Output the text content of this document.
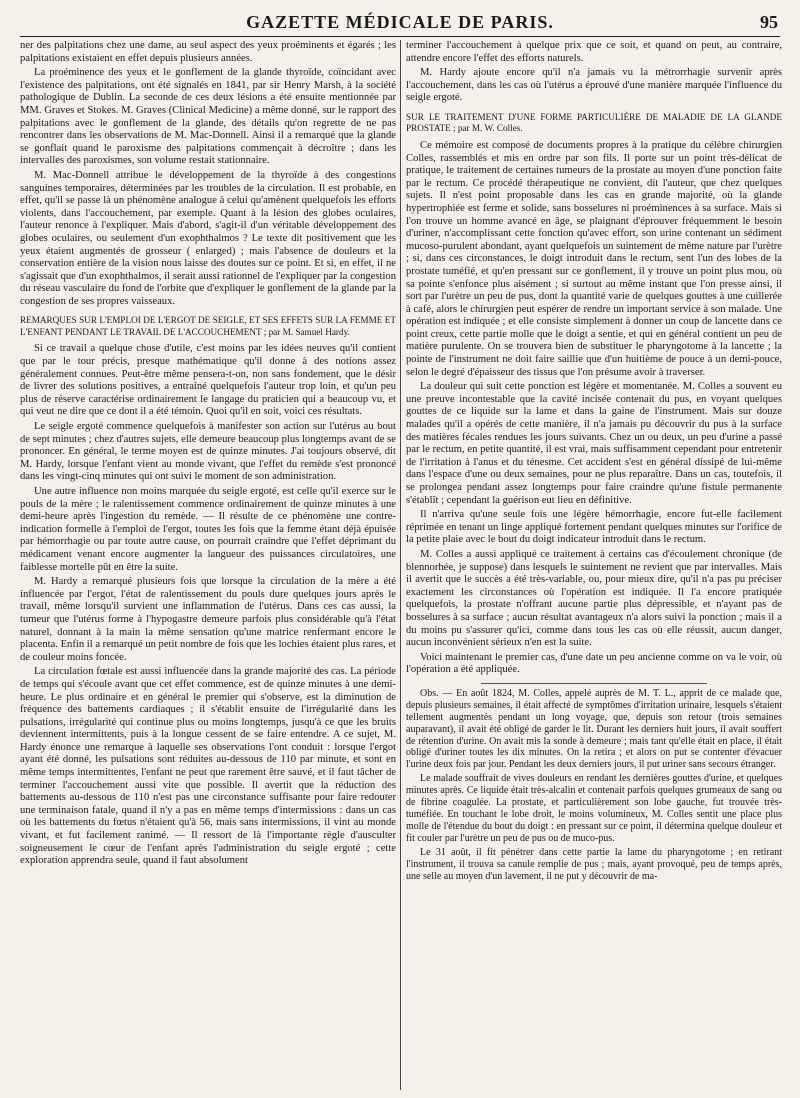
GAZETTE MÉDICALE DE PARIS.	95

ner des palpitations chez une dame, au seul aspect des yeux proéminents et égarés ; les palpitations existaient en effet depuis plusieurs années.

La proéminence des yeux et le gonflement de la glande thyroïde, coïncidant avec l'existence des palpitations, ont été signalés en 1841, par sir Henry Marsh, à la société pathologique de Dublin. La seconde de ces deux lésions a été ensuite mentionnée par MM. Graves et Stokes. M. Graves (Clinical Medicine) a même donné, sur le rapport des palpitations avec le gonflement de la glande, des détails qu'on regrette de ne pas rencontrer dans les observations de M. Mac-Donnell. Ainsi il a remarqué que la glande se gonflait quand le paroxisme des palpitations commençait à décroître ; dans les intervalles des paroxismes, son volume restait stationnaire.

M. Mac-Donnell attribue le développement de la thyroïde à des congestions sanguines temporaires, déterminées par les troubles de la circulation. Il est probable, en effet, qu'il se passe là un phénomène analogue à celui qu'amènent quelquefois les efforts violents, dans l'accouchement, par exemple. Quant à la lésion des globes oculaires, l'auteur renonce à l'expliquer. Mais d'abord, s'agit-il d'un véritable développement des globes oculaires, ou seulement d'un exophthalmos ? Le texte dit positivement que les yeux étaient augmentés de grosseur ( enlarged) ; mais l'absence de douleurs et la conservation entière de la vision nous laisse des doutes sur ce point. Et si, en effet, il ne s'agissait que d'un exophthalmos, il serait aussi rationnel de l'expliquer par la congestion du réseau vasculaire du fond de l'orbite que d'expliquer le gonflement de la glande par la congestion de ses propres vaisseaux.

REMARQUES SUR L'EMPLOI DE L'ERGOT DE SEIGLE, ET SES EFFETS SUR LA FEMME ET L'ENFANT PENDANT LE TRAVAIL DE L'ACCOUCHEMENT ; par M. Samuel Hardy.

Si ce travail a quelque chose d'utile, c'est moins par les idées neuves qu'il contient que par le tour précis, presque mathématique qu'il donne à des notions assez généralement connues. Peut-être même pensera-t-on, non sans fondement, que le désir de livrer des solutions positives, a entraîné quelquefois l'auteur trop loin, et qu'un peu plus de réserve caractérise ordinairement le langage du praticien qui a beaucoup vu, et qui veut ne dire que ce dont il a été témoin. Quoi qu'il en soit, voici ces résultats.

Le seigle ergoté commence quelquefois à manifester son action sur l'utérus au bout de sept minutes ; chez d'autres sujets, elle demeure beaucoup plus longtemps avant de se prononcer. En général, le terme moyen est de quinze minutes. J'ai toujours observé, dit M. Hardy, lorsque l'enfant vient au monde vivant, que l'effet du remède s'est prononcé dans les vingt-cinq minutes qui ont suivi le moment de son administration.

Une autre influence non moins marquée du seigle ergoté, est celle qu'il exerce sur le pouls de la mère ; le ralentissement commence ordinairement de quinze minutes à une demi-heure après l'ingestion du remède. — Il résulte de ce phénomène une contre-indication formelle à l'emploi de l'ergot, toutes les fois que la femme étant déjà épuisée par hémorrhagie ou par toute autre cause, on pourrait craindre que l'effet déprimant du médicament venant encore augmenter la langueur des puissances circulatoires, une faiblesse mortelle pût en être la suite.

M. Hardy a remarqué plusieurs fois que lorsque la circulation de la mère a été influencée par l'ergot, l'état de ralentissement du pouls dure quelques jours après le travail, même lorsqu'il survient une inflammation de l'utérus. Dans ces cas aussi, la tumeur que l'utérus forme à l'hypogastre demeure parfois plus considérable qu'à l'état naturel, donnant à la main la même sensation qu'une matrice renfermant encore le placenta. Enfin il a remarqué un petit nombre de fois que les lochies étaient plus rares, et de couleur moins foncée.

La circulation fœtale est aussi influencée dans la grande majorité des cas. La période de temps qui s'écoule avant que cet effet commence, est de quinze minutes à une demi-heure. Le plus ordinaire et en général le premier qui s'observe, est la diminution de fréquence des battements cardiaques ; il s'établit ensuite de l'irrégularité dans les pulsations, irrégularité qui continue plus ou moins longtemps, jusqu'à ce que les bruits deviennent intermittents, puis à la longue cessent de se faire entendre. A ce sujet, M. Hardy énonce une remarque à laquelle ses observations l'ont conduit : lorsque l'ergot ayant été donné, les pulsations sont réduites au-dessous de 110 par minute, et sont en même temps intermittentes, l'enfant ne peut que rarement être sauvé, et il faut tâcher de terminer l'accouchement aussi vite que possible. Il avertit que la réduction des battements au-dessous de 110 n'est pas une circonstance suffisante pour faire redouter une terminaison fatale, quand il n'y a pas en même temps d'intermissions : dans un cas où les battements du fœtus n'étaient qu'à 56, mais sans intermissions, il vint au monde vivant, et fut facilement ranimé. — Il ressort de là l'importante règle d'ausculter soigneusement le cœur de l'enfant après l'administration du seigle ergoté ; cette exploration apprendra seule, quand il faut absolument

terminer l'accouchement à quelque prix que ce soit, et quand on peut, au contraire, attendre encore l'effet des efforts naturels.

M. Hardy ajoute encore qu'il n'a jamais vu la métrorrhagie survenir après l'accouchement, dans les cas où l'utérus a éprouvé d'une manière marquée l'influence du seigle ergoté.

SUR LE TRAITEMENT D'UNE FORME PARTICULIÈRE DE MALADIE DE LA GLANDE PROSTATE ; par M. W. Colles.

Ce mémoire est composé de documents propres à la pratique du célèbre chirurgien Colles, rassemblés et mis en ordre par son fils. Il porte sur un point très-délicat de pratique, le traitement de certaines tumeurs de la prostate au moyen d'une ponction faite par le rectum. Ce procédé thérapeutique ne convient, dit l'auteur, que chez quelques sujets. Il n'est point proposable dans les cas en grande majorité, où la glande hypertrophiée est ferme et solide, sans bosselures ni proéminences à sa surface. Mais si l'on trouve un homme avancé en âge, se plaignant d'éprouver fréquemment le besoin d'uriner, n'accomplissant cette fonction qu'avec effort, son urine contenant un sédiment mucoso-purulent abondant, ayant quelquefois un suintement de même nature par l'urètre ; si, dans ces circonstances, le doigt introduit dans le rectum, sent l'un des lobes de la prostate tuméfié, et qu'en pressant sur ce gonflement, il y trouve un point plus mou, où sa pointe s'enfonce plus aisément ; si surtout au même instant que l'on presse ainsi, il sort par l'urètre un peu de pus, dont la quantité varie de quelques gouttes à une cuillerée à café, alors le chirurgien peut espérer de rendre un important service à son malade. Une opération est indiquée ; et elle consiste simplement à donner un coup de lancette dans ce point creux, cette partie molle que le doigt a sentie, et qui en général contient un peu de matière purulente. On se trouvera bien de substituer le pharyngotome à la lancette ; la pointe de l'instrument ne doit faire saillie que d'un huitième de pouce à un demi-pouce, selon le degré d'épaisseur des tissus que l'on présume avoir à traverser.

La douleur qui suit cette ponction est légère et momentanée. M. Colles a souvent eu une preuve incontestable que la cavité incisée contenait du pus, en voyant quelques gouttes de ce liquide sur la lame et dans la gaine de l'instrument. Mais sur douze malades qu'il a opérés de cette manière, il n'a jamais pu découvrir du pus à la surface des matières fécales rendues les jours suivants. Chez un ou deux, un peu d'urine a passé par le rectum, en petite quantité, il est vrai, mais suffisamment cependant pour entretenir de l'irritation à l'anus et du ténesme. Cet accident s'est en général dissipé de lui-même dans l'espace d'une ou deux semaines, pour ne plus reparaître. Dans un cas, toutefois, il se prolongea pendant assez longtemps pour faire craindre qu'une fistule permanente s'établît ; cependant la guérison eut lieu en définitive.

Il n'arriva qu'une seule fois une légère hémorrhagie, encore fut-elle facilement réprimée en tenant un linge appliqué fortement pendant quelques minutes sur l'orifice de la petite plaie avec le bout du doigt indicateur introduit dans le rectum.

M. Colles a aussi appliqué ce traitement à certains cas d'écoulement chronique (de blennorhée, je suppose) dans lesquels le suintement ne revient que par intervalles. Mais il avertit que le succès a été très-variable, ou, pour mieux dire, qu'il n'a pas pu préciser exactement les circonstances où l'opération est indiquée. Il l'a encore pratiquée quelquefois, la prostate n'offrant aucune partie plus dépressible, et n'ayant pas de bosselures à sa surface ; aucun résultat avantageux n'a alors suivi la ponction ; mais il a du moins pu s'assurer qu'ici, comme dans tous les cas où elle réussit, aucun danger, aucun inconvénient sérieux n'en est la suite.

Voici maintenant le premier cas, d'une date un peu ancienne comme on va le voir, où l'opération a été appliquée.

Obs. — En août 1824, M. Colles, appelé auprès de M. T. L., apprit de ce malade que, depuis plusieurs semaines, il était affecté de symptômes d'irritation urinaire, lesquels s'étaient tellement augmentés pendant un long voyage, que, depuis son retour (trois semaines auparavant), il avait été obligé de garder le lit. Durant les derniers huit jours, il avait souffert de rétention d'urine. On avait mis la sonde à demeure ; mais tant qu'elle était en place, il était obligé d'uriner toutes les dix minutes. On la retira ; et alors on put se contenter d'évacuer l'urine deux fois par jour. Pendant les deux derniers jours, il put uriner sans secours étranger.

Le malade souffrait de vives douleurs en rendant les dernières gouttes d'urine, et quelques minutes après. Ce liquide était très-alcalin et contenait parfois quelques grumeaux de sang ou de fibrine coagulée. La prostate, et particulièrement son lobe gauche, fut trouvée très-tuméfiée. En touchant le lobe droit, le moins volumineux, M. Colles sentit une place plus molle de l'étendue du bout du doigt : en pressant sur ce point, il détermina quelque douleur et fit couler par l'urètre un peu de pus ou de muco-pus.

Le 31 août, il fit pénétrer dans cette partie la lame du pharyngotome ; en retirant l'instrument, il trouva sa canule remplie de pus ; mais, ayant provoqué, peu de temps après, une selle au moyen d'un lavement, il ne put y découvrir de ma-
